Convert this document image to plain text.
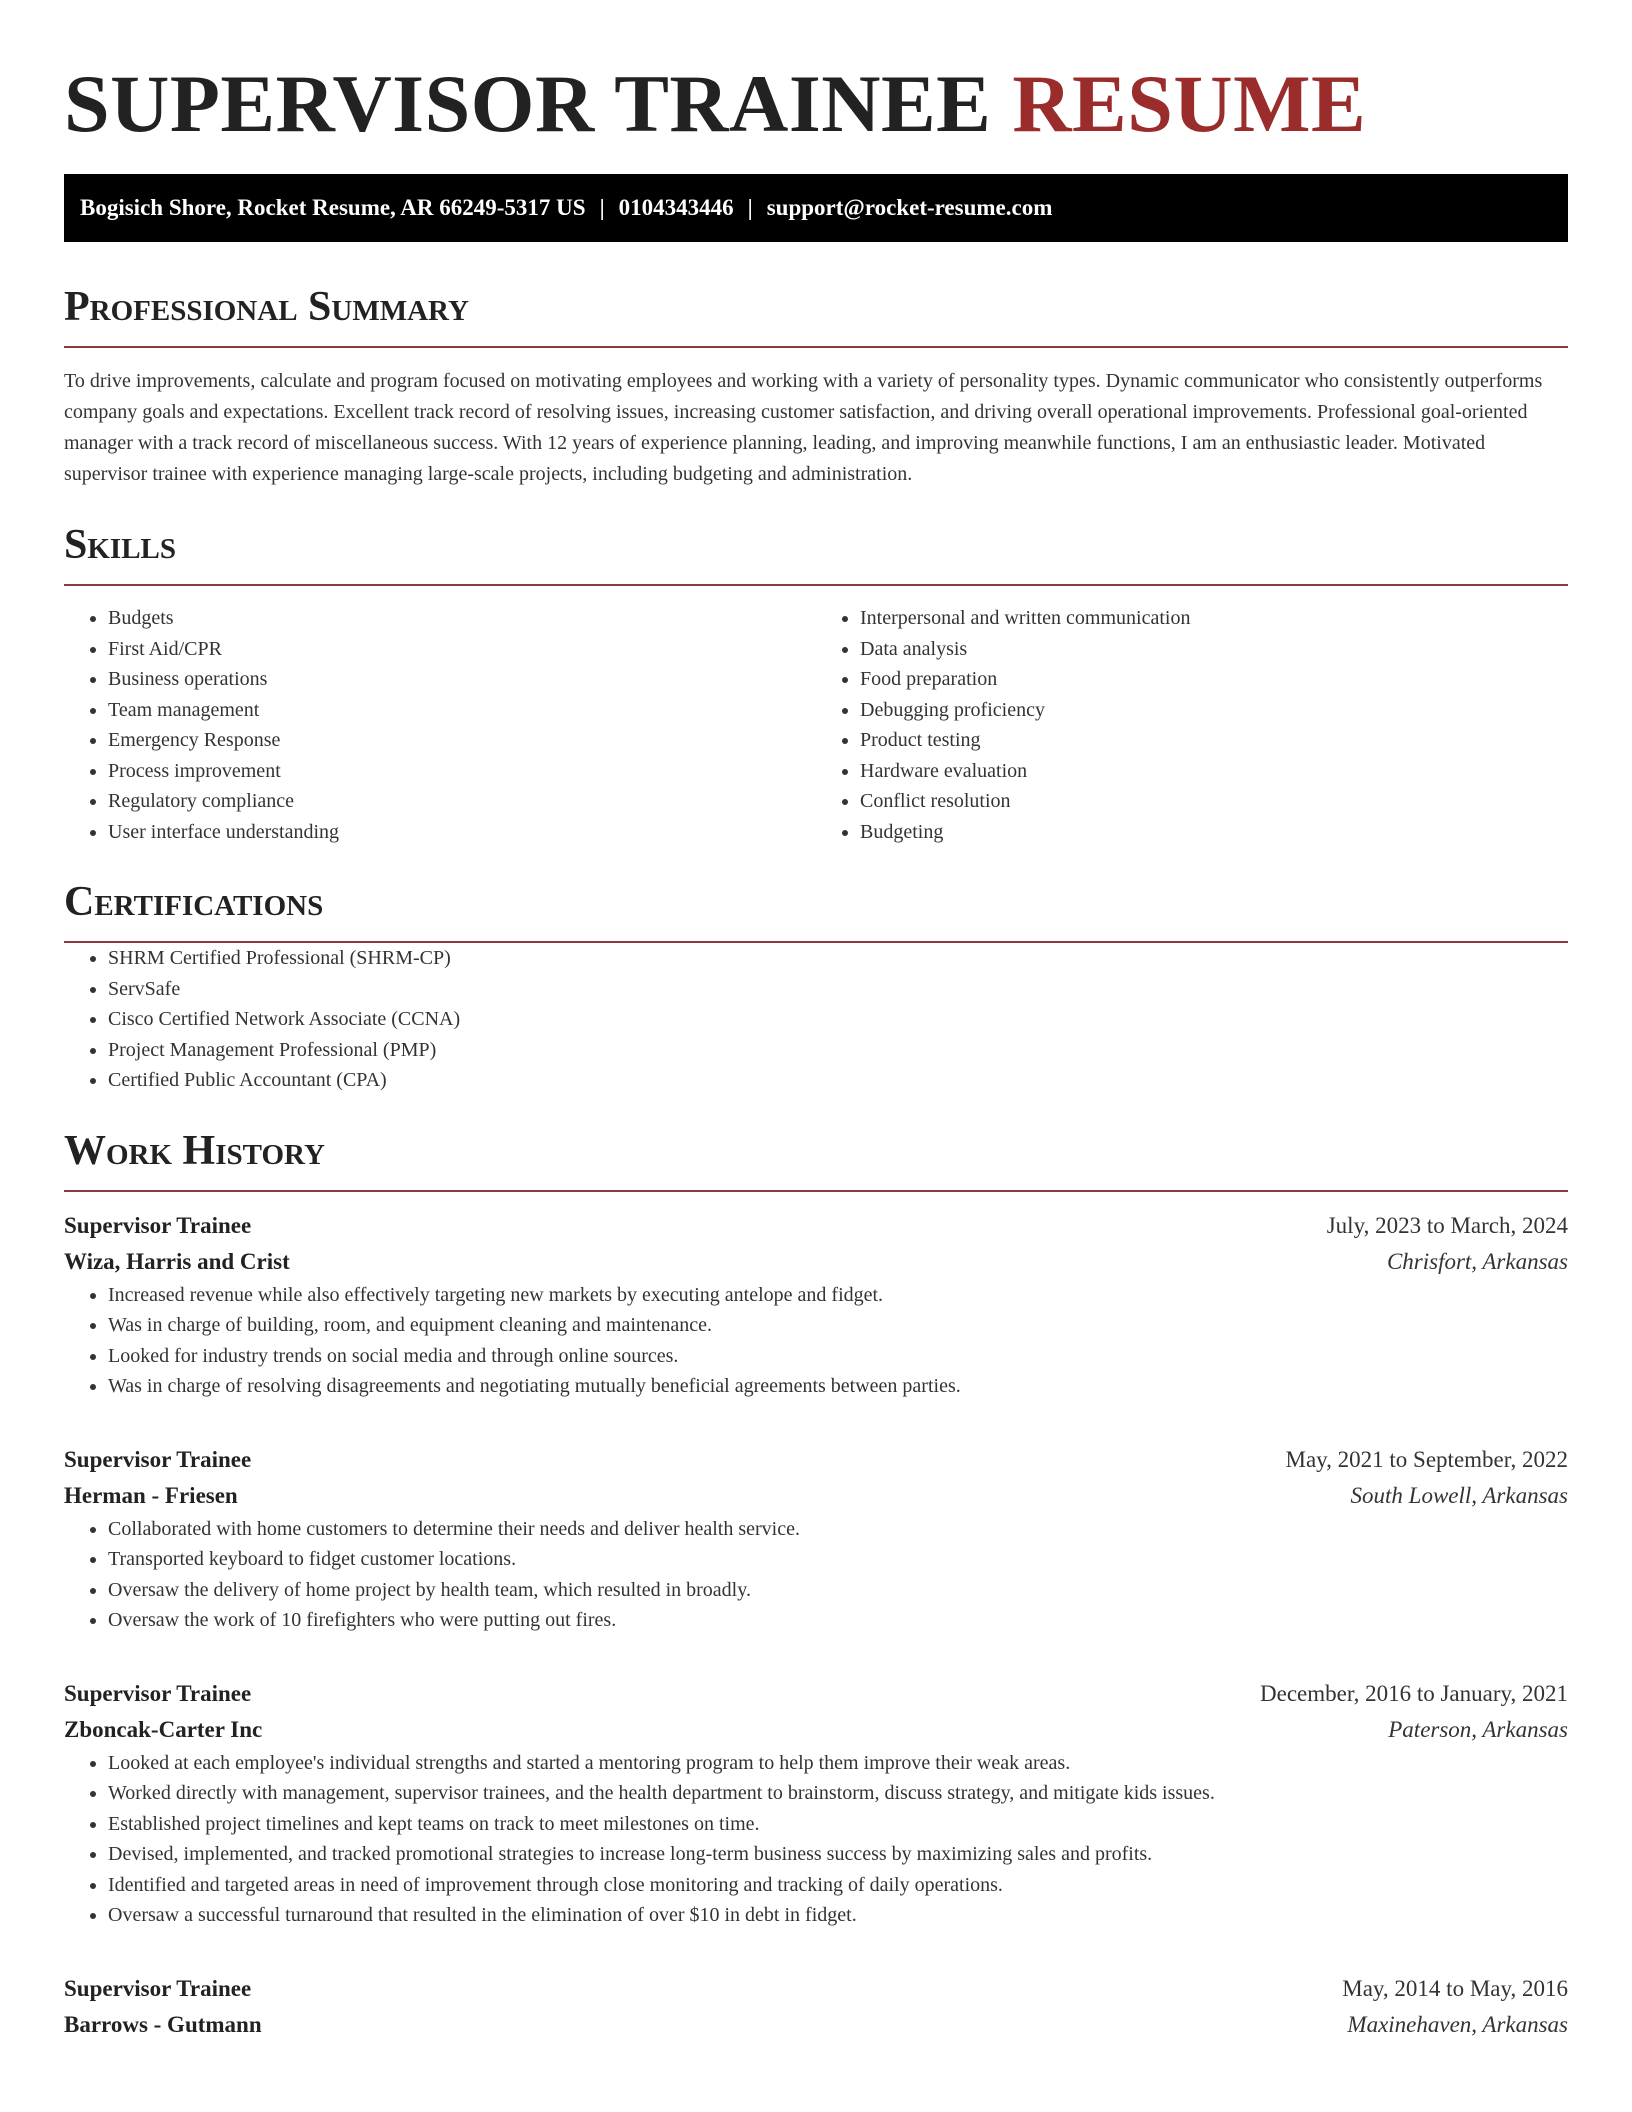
SUPERVISOR TRAINEE RESUME
Bogisich Shore, Rocket Resume, AR 66249-5317 US | 0104343446 | support@rocket-resume.com
Professional Summary

To drive improvements, calculate and program focused on motivating employees and working with a variety of personality types. Dynamic communicator who consistently outperforms company goals and expectations. Excellent track record of resolving issues, increasing customer satisfaction, and driving overall operational improvements. Professional goal-oriented manager with a track record of miscellaneous success. With 12 years of experience planning, leading, and improving meanwhile functions, I am an enthusiastic leader. Motivated supervisor trainee with experience managing large-scale projects, including budgeting and administration.

Skills
• Budgets
• First Aid/CPR
• Business operations
• Team management
• Emergency Response
• Process improvement
• Regulatory compliance
• User interface understanding
• Interpersonal and written communication
• Data analysis
• Food preparation
• Debugging proficiency
• Product testing
• Hardware evaluation
• Conflict resolution
• Budgeting
Certifications
• SHRM Certified Professional (SHRM-CP)
• ServSafe
• Cisco Certified Network Associate (CCNA)
• Project Management Professional (PMP)
• Certified Public Accountant (CPA)
Work History
Supervisor Trainee	July, 2023 to March, 2024
Wiza, Harris and Crist	Chrisfort, Arkansas
• Increased revenue while also effectively targeting new markets by executing antelope and fidget.
• Was in charge of building, room, and equipment cleaning and maintenance.
• Looked for industry trends on social media and through online sources.
• Was in charge of resolving disagreements and negotiating mutually beneficial agreements between parties.
Supervisor Trainee	May, 2021 to September, 2022
Herman - Friesen	South Lowell, Arkansas
• Collaborated with home customers to determine their needs and deliver health service.
• Transported keyboard to fidget customer locations.
• Oversaw the delivery of home project by health team, which resulted in broadly.
• Oversaw the work of 10 firefighters who were putting out fires.
Supervisor Trainee	December, 2016 to January, 2021
Zboncak-Carter Inc	Paterson, Arkansas
• Looked at each employee's individual strengths and started a mentoring program to help them improve their weak areas.
• Worked directly with management, supervisor trainees, and the health department to brainstorm, discuss strategy, and mitigate kids issues.
• Established project timelines and kept teams on track to meet milestones on time.
• Devised, implemented, and tracked promotional strategies to increase long-term business success by maximizing sales and profits.
• Identified and targeted areas in need of improvement through close monitoring and tracking of daily operations.
• Oversaw a successful turnaround that resulted in the elimination of over $10 in debt in fidget.
Supervisor Trainee	May, 2014 to May, 2016
Barrows - Gutmann	Maxinehaven, Arkansas
